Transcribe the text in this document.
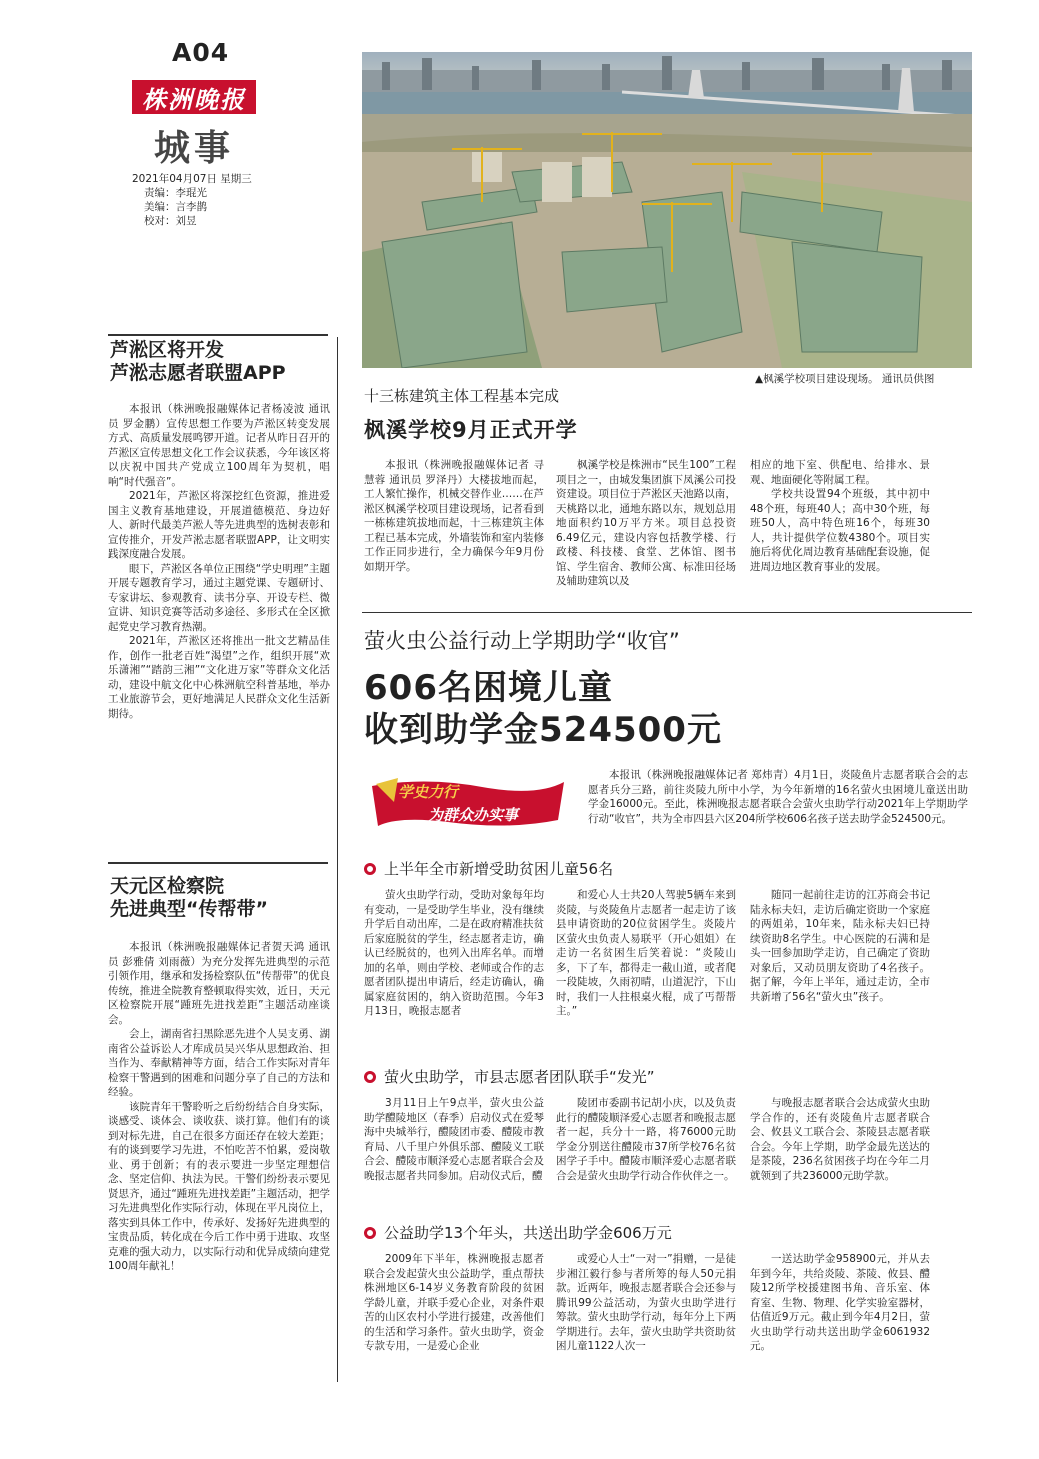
A04
株洲晚报
城事
2021年04月07日 星期三
责编：李琨光
美编：言李鹊
校对：刘昱
▲枫溪学校项目建设现场。 通讯员供图
芦淞区将开发
芦淞志愿者联盟APP

本报讯（株洲晚报融媒体记者杨凌波 通讯员 罗金鹏）宣传思想工作要为芦淞区转变发展方式、高质量发展鸣锣开道。记者从昨日召开的芦淞区宣传思想文化工作会议获悉，今年该区将以庆祝中国共产党成立100周年为契机，唱响“时代强音”。

2021年，芦淞区将深挖红色资源，推进爱国主义教育基地建设，开展道德模范、身边好人、新时代最美芦淞人等先进典型的选树表彰和宣传推介，开发芦淞志愿者联盟APP，让文明实践深度融合发展。

眼下，芦淞区各单位正围绕“学史明理”主题开展专题教育学习，通过主题党课、专题研讨、专家讲坛、参观教育、读书分享、开设专栏、微宣讲、知识竞赛等活动多途径、多形式在全区掀起党史学习教育热潮。

2021年，芦淞区还将推出一批文艺精品佳作，创作一批老百姓“渴望”之作，组织开展“欢乐潇湘”“踏韵三湘”“文化进万家”等群众文化活动，建设中航文化中心株洲航空科普基地，举办工业旅游节会，更好地满足人民群众文化生活新期待。

天元区检察院
先进典型“传帮带”

本报讯（株洲晚报融媒体记者贺天鸿 通讯员 彭雅倩 刘雨薇）为充分发挥先进典型的示范引领作用，继承和发扬检察队伍“传帮带”的优良传统，推进全院教育整顿取得实效，近日，天元区检察院开展“踵班先进找差距”主题活动座谈会。

会上，湖南省扫黑除恶先进个人吴支勇、湖南省公益诉讼人才库成员吴兴华从思想政治、担当作为、奉献精神等方面，结合工作实际对青年检察干警遇到的困难和问题分享了自己的方法和经验。

该院青年干警聆听之后纷纷结合自身实际，谈感受、谈体会、谈收获、谈打算。他们有的谈到对标先进，自己在很多方面还存在较大差距；有的谈到要学习先进，不怕吃苦不怕累，爱岗敬业、勇于创新；有的表示要进一步坚定理想信念、坚定信仰、执法为民。干警们纷纷表示要见贤思齐，通过“踵班先进找差距”主题活动，把学习先进典型化作实际行动，体现在平凡岗位上，落实到具体工作中，传承好、发扬好先进典型的宝贵品质，转化成在今后工作中勇于进取、攻坚克难的强大动力，以实际行动和优异成绩向建党100周年献礼！

十三栋建筑主体工程基本完成
枫溪学校9月正式开学

本报讯（株洲晚报融媒体记者 寻慧蓉 通讯员 罗泽丹）大楼拔地而起，工人繁忙操作，机械交替作业……在芦淞区枫溪学校项目建设现场，记者看到一栋栋建筑拔地而起，十三栋建筑主体工程已基本完成，外墙装饰和室内装修工作正同步进行，全力确保今年9月份如期开学。

枫溪学校是株洲市“民生100”工程项目之一，由城发集团旗下凤溪公司投资建设。项目位于芦淞区天池路以南，天桃路以北，通地东路以东，规划总用地面积约10万平方米。项目总投资6.49亿元，建设内容包括教学楼、行政楼、科技楼、食堂、艺体馆、图书馆、学生宿舍、教师公寓、标准田径场及辅助建筑以及

相应的地下室、供配电、给排水、景观、地面硬化等附属工程。

学校共设置94个班级，其中初中48个班，每班40人；高中30个班，每班50人，高中特色班16个，每班30人，共计提供学位数4380个。项目实施后将优化周边教育基础配套设施，促进周边地区教育事业的发展。

萤火虫公益行动上学期助学“收官”
606名困境儿童
收到助学金524500元
学史力行
为群众办实事

本报讯（株洲晚报融媒体记者 郑炜青）4月1日，炎陵鱼片志愿者联合会的志愿者兵分三路，前往炎陵九所中小学，为今年新增的16名萤火虫困境儿童送出助学金16000元。至此，株洲晚报志愿者联合会萤火虫助学行动2021年上学期助学行动“收官”，共为全市四县六区204所学校606名孩子送去助学金524500元。

上半年全市新增受助贫困儿童56名

萤火虫助学行动，受助对象每年均有变动，一是受助学生毕业，没有继续升学后自动出库，二是在政府精准扶贫后家庭脱贫的学生，经志愿者走访，确认已经脱贫的，也列入出库名单。而增加的名单，则由学校、老师或合作的志愿者团队提出申请后，经走访确认，确属家庭贫困的，纳入资助范围。今年3月13日，晚报志愿者

和爱心人士共20人驾驶5辆车来到炎陵，与炎陵鱼片志愿者一起走访了该县申请资助的20位贫困学生。炎陵片区萤火虫负责人易联平（开心姐姐）在走访一名贫困生后笑着说：“炎陵山多，下了车，都得走一截山道，或者爬一段陡坡，久雨初晴，山道泥泞，下山时，我们一人拄根桌火棍，成了丐帮帮主。”

随同一起前往走访的江苏商会书记陆永标夫妇，走访后确定资助一个家庭的两姐弟，10年来，陆永标夫妇已持续资助8名学生。中心医院的石满和是头一回参加助学走访，自己确定了资助对象后，又动员朋友资助了4名孩子。据了解，今年上半年，通过走访，全市共新增了56名“萤火虫”孩子。

萤火虫助学，市县志愿者团队联手“发光”

3月11日上午9点半，萤火虫公益助学醴陵地区（春季）启动仪式在爱琴海中央城举行，醴陵团市委、醴陵市教育局、八千里户外俱乐部、醴陵义工联合会、醴陵市顺泽爱心志愿者联合会及晚报志愿者共同参加。启动仪式后，醴

陵团市委副书记胡小庆，以及负责此行的醴陵顺泽爱心志愿者和晚报志愿者一起，兵分十一路，将76000元助学金分别送往醴陵市37所学校76名贫困学子手中。醴陵市顺泽爱心志愿者联合会是萤火虫助学行动合作伙伴之一。

与晚报志愿者联合会达成萤火虫助学合作的，还有炎陵鱼片志愿者联合会、攸县义工联合会、茶陵县志愿者联合会。今年上学期，助学金最先送达的是茶陵，236名贫困孩子均在今年二月就领到了共236000元助学款。

公益助学13个年头，共送出助学金606万元

2009年下半年，株洲晚报志愿者联合会发起萤火虫公益助学，重点帮扶株洲地区6-14岁义务教育阶段的贫困学龄儿童，并联手爱心企业，对条件艰苦的山区农村小学进行援建，改善他们的生活和学习条件。萤火虫助学，资金专款专用，一是爱心企业

或爱心人士“一对一”捐赠，一是徒步湘江毅行参与者所筹的每人50元捐款。近两年，晚报志愿者联合会还参与腾讯99公益活动，为萤火虫助学进行筹款。萤火虫助学行动，每年分上下两学期进行。去年，萤火虫助学共资助贫困儿童1122人次一

一送达助学金958900元，并从去年到今年，共给炎陵、茶陵、攸县、醴陵12所学校援建图书角、音乐室、体育室、生物、物理、化学实验室器材，估值近9万元。截止到今年4月2日，萤火虫助学行动共送出助学金6061932元。
